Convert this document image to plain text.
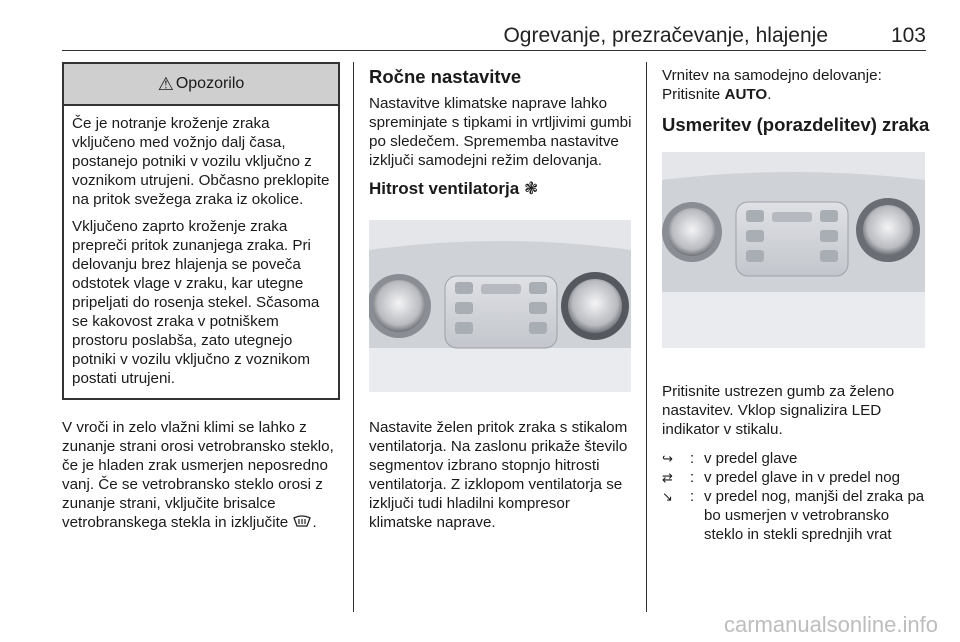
Ogrevanje, prezračevanje, hlajenje	103
⚠ Opozorilo

Če je notranje kroženje zraka vključeno med vožnjo dalj časa, postanejo potniki v vozilu vključno z voznikom utrujeni. Občasno preklopite na pritok svežega zraka iz okolice.

Vključeno zaprto kroženje zraka prepreči pritok zunanjega zraka. Pri delovanju brez hlajenja se poveča odstotek vlage v zraku, kar utegne pripeljati do rosenja stekel. Sčasoma se kakovost zraka v potniškem prostoru poslabša, zato utegnejo potniki v vozilu vključno z voznikom postati utrujeni.

V vroči in zelo vlažni klimi se lahko z zunanje strani orosi vetrobransko steklo, če je hladen zrak usmerjen neposredno vanj. Če se vetrobransko steklo orosi z zunanje strani, vključite brisalce vetrobranskega stekla in izključite .

Ročne nastavitve

Nastavitve klimatske naprave lahko spreminjate s tipkami in vrtljivimi gumbi po sledečem. Sprememba nastavitve izključi samodejni režim delovanja.

Hitrost ventilatorja ❃

Nastavite želen pritok zraka s stikalom ventilatorja. Na zaslonu prikaže število segmentov izbrano stopnjo hitrosti ventilatorja. Z izklopom ventilatorja se izključi tudi hladilni kompresor klimatske naprave.

Vrnitev na samodejno delovanje: Pritisnite AUTO.

Usmeritev (porazdelitev) zraka

Pritisnite ustrezen gumb za želeno nastavitev. Vklop signalizira LED indikator v stikalu.

↪	: v predel glave
⇄	: v predel glave in v predel nog
↘	: v predel nog, manjši del zraka pa bo usmerjen v vetrobransko steklo in stekli sprednjih vrat
carmanualsonline.info
